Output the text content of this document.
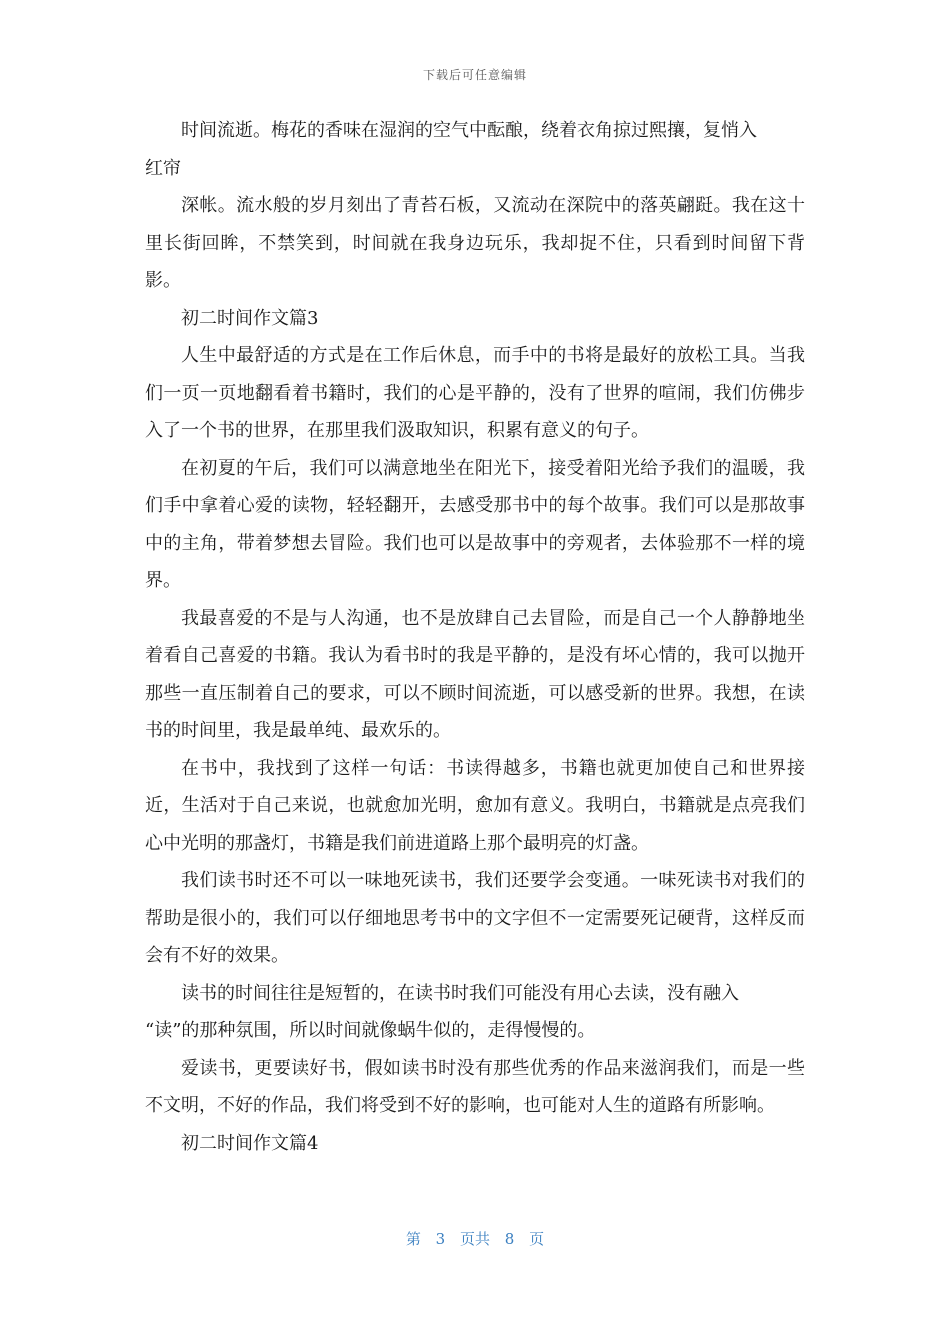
下载后可任意编辑

时间流逝。梅花的香味在湿润的空气中酝酿，绕着衣角掠过熙攘，复悄入
红帘

深帐。流水般的岁月刻出了青苔石板，又流动在深院中的落英翩跹。我在这十里长街回眸，不禁笑到，时间就在我身边玩乐，我却捉不住，只看到时间留下背影。

初二时间作文篇3

人生中最舒适的方式是在工作后休息，而手中的书将是最好的放松工具。当我们一页一页地翻看着书籍时，我们的心是平静的，没有了世界的喧闹，我们仿佛步入了一个书的世界，在那里我们汲取知识，积累有意义的句子。

在初夏的午后，我们可以满意地坐在阳光下，接受着阳光给予我们的温暖，我们手中拿着心爱的读物，轻轻翻开，去感受那书中的每个故事。我们可以是那故事中的主角，带着梦想去冒险。我们也可以是故事中的旁观者，去体验那不一样的境界。

我最喜爱的不是与人沟通，也不是放肆自己去冒险，而是自己一个人静静地坐着看自己喜爱的书籍。我认为看书时的我是平静的，是没有坏心情的，我可以抛开那些一直压制着自己的要求，可以不顾时间流逝，可以感受新的世界。我想，在读书的时间里，我是最单纯、最欢乐的。

在书中，我找到了这样一句话：书读得越多，书籍也就更加使自己和世界接近，生活对于自己来说，也就愈加光明，愈加有意义。我明白，书籍就是点亮我们心中光明的那盏灯，书籍是我们前进道路上那个最明亮的灯盏。

我们读书时还不可以一味地死读书，我们还要学会变通。一味死读书对我们的帮助是很小的，我们可以仔细地思考书中的文字但不一定需要死记硬背，这样反而会有不好的效果。

读书的时间往往是短暂的，在读书时我们可能没有用心去读，没有融入
“读”的那种氛围，所以时间就像蜗牛似的，走得慢慢的。

爱读书，更要读好书，假如读书时没有那些优秀的作品来滋润我们，而是一些不文明，不好的作品，我们将受到不好的影响，也可能对人生的道路有所影响。

初二时间作文篇4

第 3 页共 8 页
